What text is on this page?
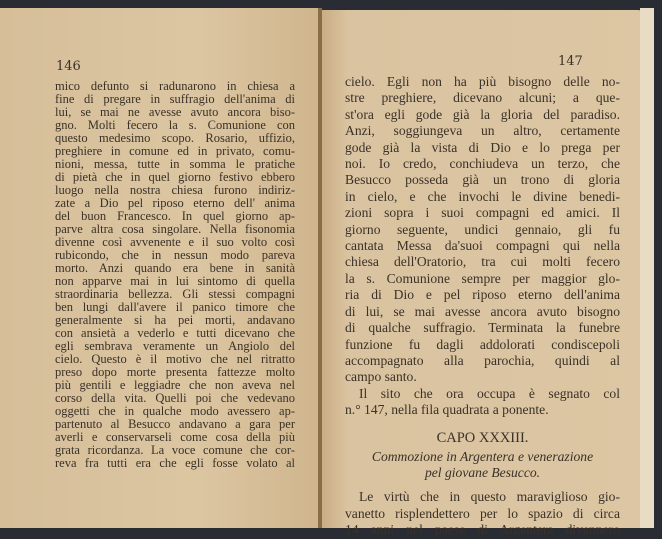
146
mico defunto si radunarono in chiesa a
fine di pregare in suffragio dell'anima di
lui, se mai ne avesse avuto ancora biso-
gno. Molti fecero la s. Comunione con
questo medesimo scopo. Rosario, uffizio,
preghiere in comune ed in privato, comu-
nioni, messa, tutte in somma le pratiche
di pietà che in quel giorno festivo ebbero
luogo nella nostra chiesa furono indiriz-
zate a Dio pel riposo eterno dell' anima
del buon Francesco. In quel giorno ap-
parve altra cosa singolare. Nella fisonomia
divenne così avvenente e il suo volto così
rubicondo, che in nessun modo pareva
morto. Anzi quando era bene in sanità
non apparve mai in lui sintomo di quella
straordinaria bellezza. Gli stessi compagni
ben lungi dall'avere il panico timore che
generalmente si ha pei morti, andavano
con ansietà a vederlo e tutti dicevano che
egli sembrava veramente un Angiolo del
cielo. Questo è il motivo che nel ritratto
preso dopo morte presenta fattezze molto
più gentili e leggiadre che non aveva nel
corso della vita. Quelli poi che vedevano
oggetti che in qualche modo avessero ap-
partenuto al Besucco andavano a gara per
averli e conservarseli come cosa della più
grata ricordanza. La voce comune che cor-
reva fra tutti era che egli fosse volato al
147
cielo. Egli non ha più bisogno delle no-
stre preghiere, dicevano alcuni; a que-
st'ora egli gode già la gloria del paradiso.
Anzi, soggiungeva un altro, certamente
gode già la vista di Dio e lo prega per
noi. Io credo, conchiudeva un terzo, che
Besucco posseda già un trono di gloria
in cielo, e che invochi le divine benedi-
zioni sopra i suoi compagni ed amici. Il
giorno seguente, undici gennaio, gli fu
cantata Messa da'suoi compagni qui nella
chiesa dell'Oratorio, tra cui molti fecero
la s. Comunione sempre per maggior glo-
ria di Dio e pel riposo eterno dell'anima
di lui, se mai avesse ancora avuto bisogno
di qualche suffragio. Terminata la funebre
funzione fu dagli addolorati condiscepoli
accompagnato alla parochia, quindi al
campo santo.
Il sito che ora occupa è segnato col
n.° 147, nella fila quadrata a ponente.
CAPO XXXIII.
Commozione in Argentera e venerazione
pel giovane Besucco.
Le virtù che in questo maraviglioso gio-
vanetto risplendettero per lo spazio di circa
14 anni nel paese di Argentera divennero
